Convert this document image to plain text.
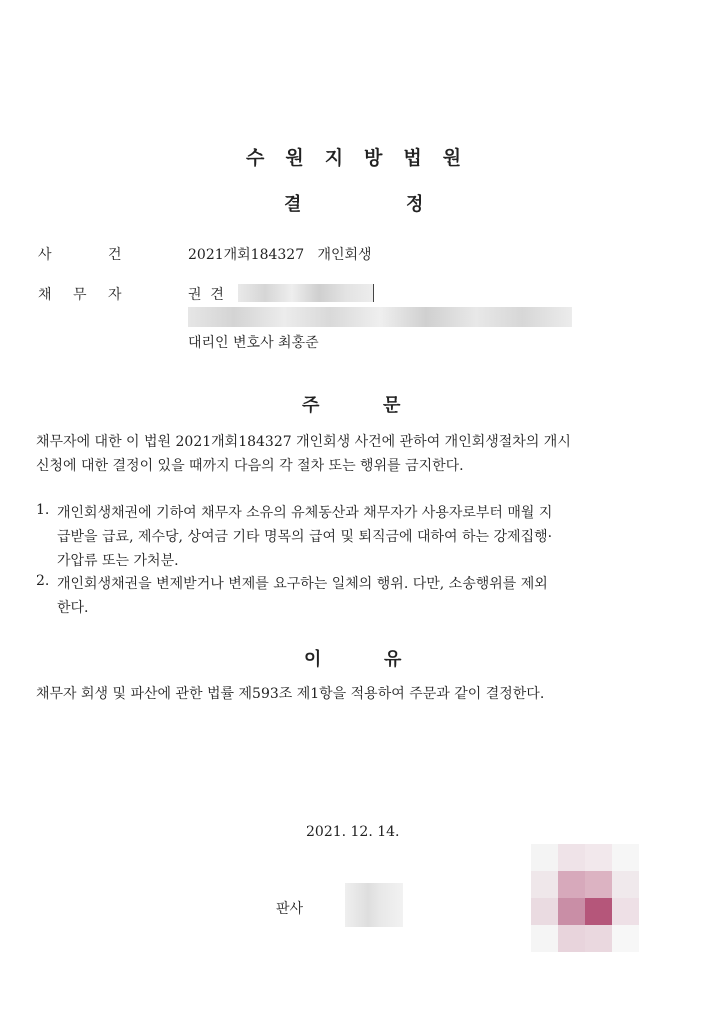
수원지방법원
결	정
사	건	2021개회184327   개인회생
채 무 자	권  견
대리인 변호사 최홍준
주	문
채무자에 대한 이 법원 2021개회184327 개인회생 사건에 관하여 개인회생절차의 개시
신청에 대한 결정이 있을 때까지 다음의 각 절차 또는 행위를 금지한다.
1. 개인회생채권에 기하여 채무자 소유의 유체동산과 채무자가 사용자로부터 매월 지
급받을 급료, 제수당, 상여금 기타 명목의 급여 및 퇴직금에 대하여 하는 강제집행·
가압류 또는 가처분.
2. 개인회생채권을 변제받거나 변제를 요구하는 일체의 행위. 다만, 소송행위를 제외
한다.
이	유
채무자 회생 및 파산에 관한 법률 제593조 제1항을 적용하여 주문과 같이 결정한다.
2021. 12. 14.
판사
